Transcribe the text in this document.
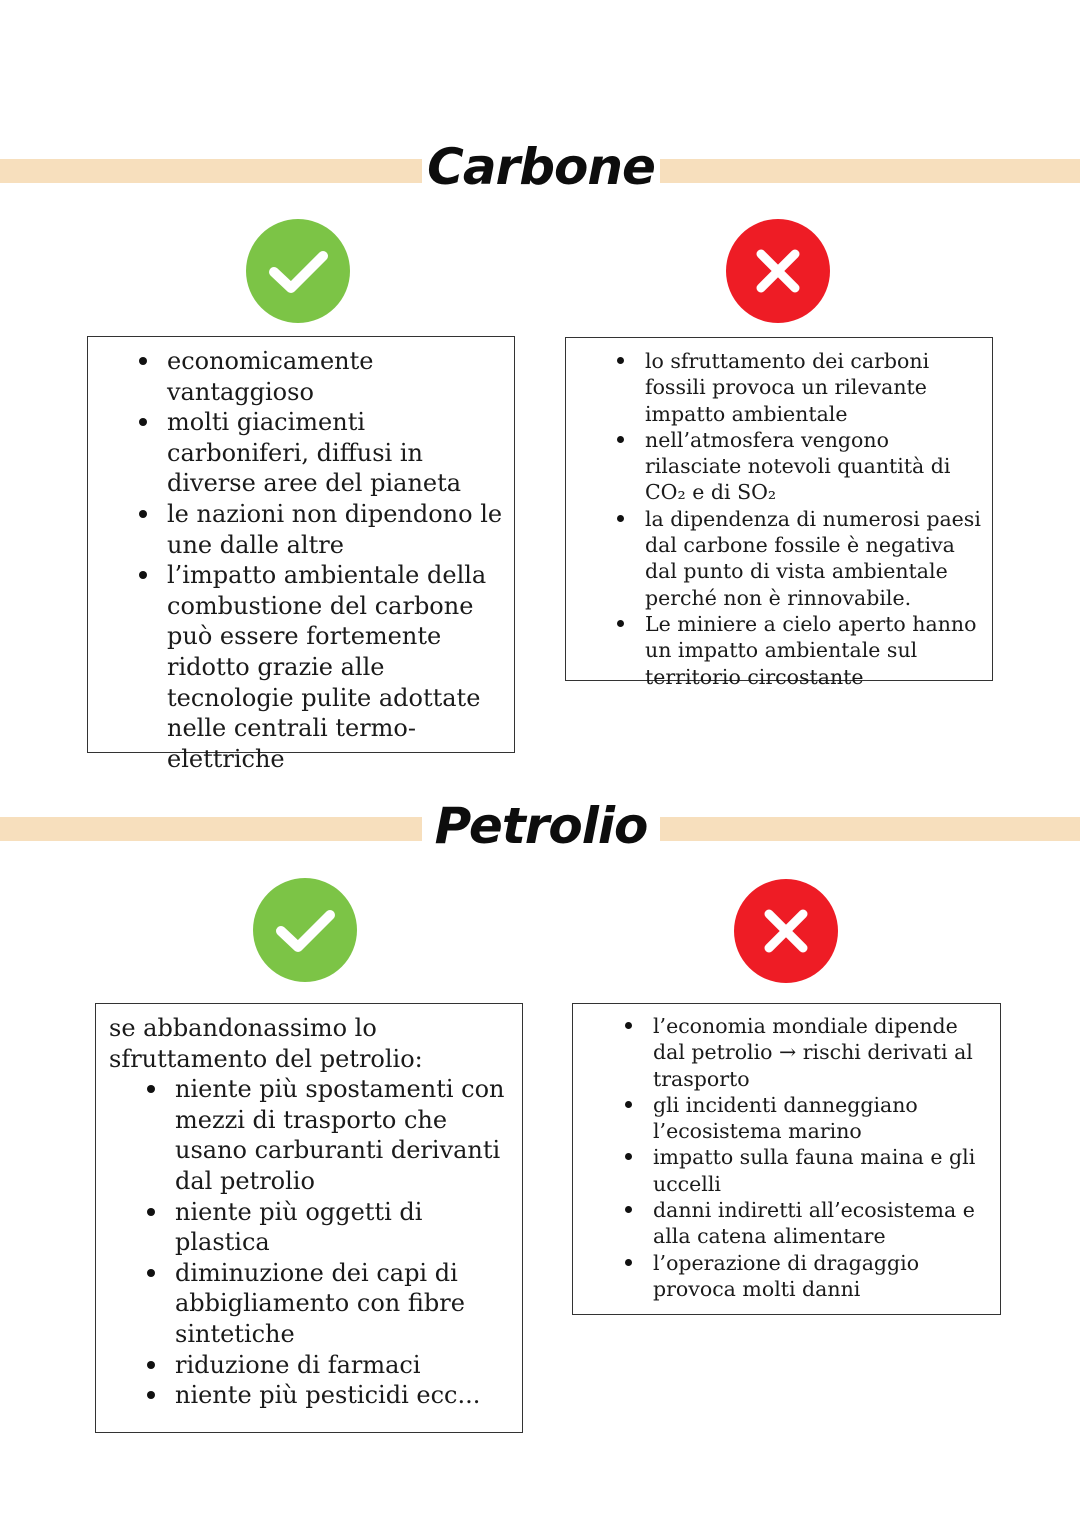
Carbone
economicamente vantaggioso
molti giacimenti carboniferi, diffusi in diverse aree del pianeta
le nazioni non dipendono le une dalle altre
l’impatto ambientale della combustione del carbone può essere fortemente ridotto grazie alle tecnologie pulite adottate nelle centrali termo-elettriche
lo sfruttamento dei carboni fossili provoca un rilevante impatto ambientale
nell’atmosfera vengono rilasciate notevoli quantità di CO₂ e di SO₂
la dipendenza di numerosi paesi dal carbone fossile è negativa dal punto di vista ambientale perché non è rinnovabile.
Le miniere a cielo aperto hanno un impatto ambientale sul territorio circostante
Petrolio
se abbandonassimo lo sfruttamento del petrolio:
niente più spostamenti con mezzi di trasporto che usano carburanti derivanti dal petrolio
niente più oggetti di plastica
diminuzione dei capi di abbigliamento con fibre sintetiche
riduzione di farmaci
niente più pesticidi ecc...
l’economia mondiale dipende dal petrolio → rischi derivati al trasporto
gli incidenti danneggiano l’ecosistema marino
impatto sulla fauna maina e gli uccelli
danni indiretti all’ecosistema e alla catena alimentare
l’operazione di dragaggio provoca molti danni
